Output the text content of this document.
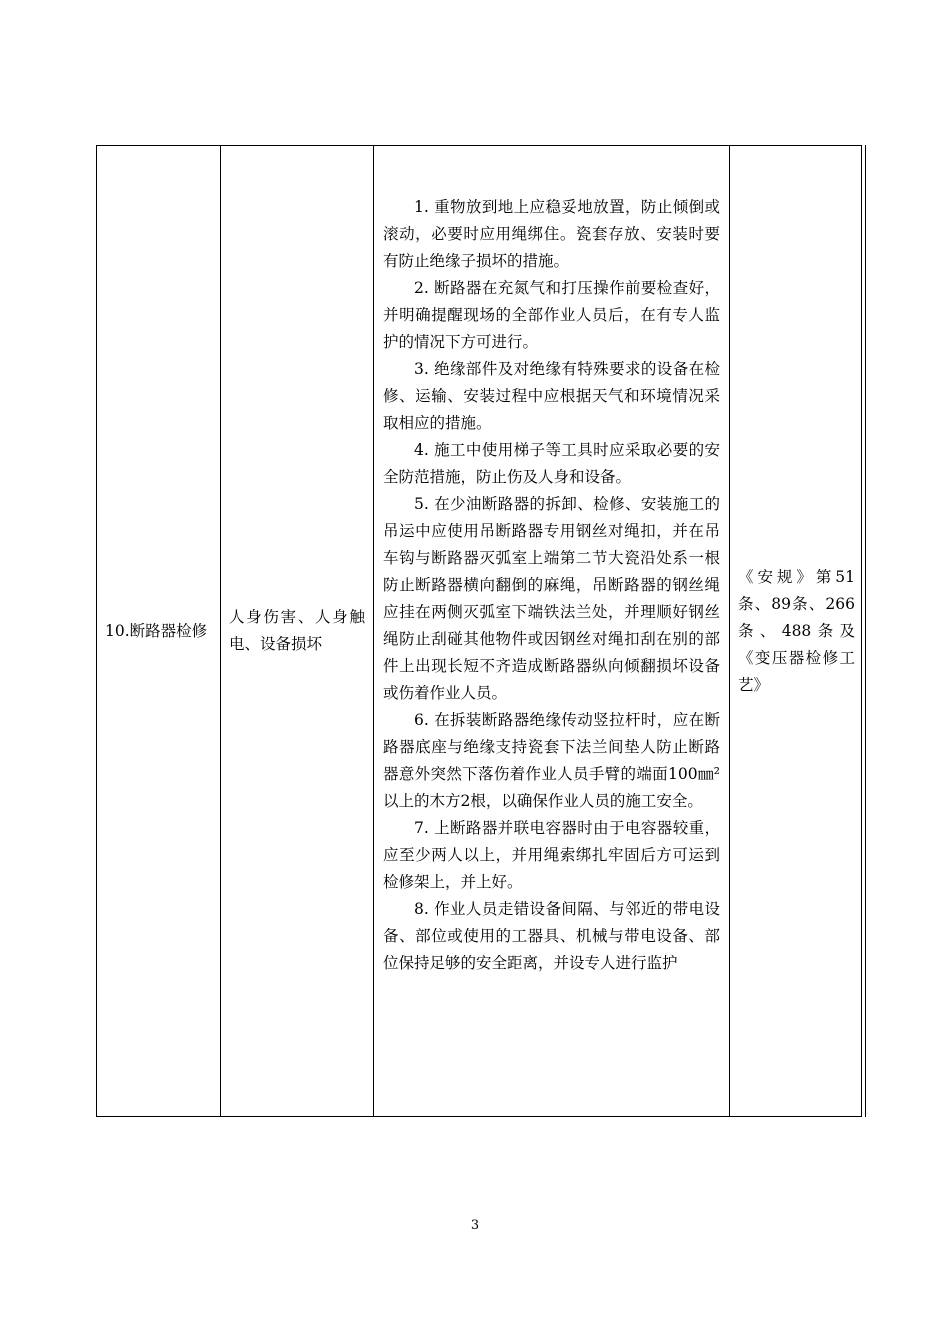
10.断路器检修
人身伤害、人身触电、设备损坏
1. 重物放到地上应稳妥地放置，防止倾倒或滚动，必要时应用绳绑住。瓷套存放、安装时要有防止绝缘子损坏的措施。
2. 断路器在充氮气和打压操作前要检查好，并明确提醒现场的全部作业人员后，在有专人监护的情况下方可进行。
3. 绝缘部件及对绝缘有特殊要求的设备在检修、运输、安装过程中应根据天气和环境情况采取相应的措施。
4. 施工中使用梯子等工具时应采取必要的安全防范措施，防止伤及人身和设备。
5. 在少油断路器的拆卸、检修、安装施工的吊运中应使用吊断路器专用钢丝对绳扣，并在吊车钩与断路器灭弧室上端第二节大瓷沿处系一根防止断路器横向翻倒的麻绳，吊断路器的钢丝绳应挂在两侧灭弧室下端铁法兰处，并理顺好钢丝绳防止刮碰其他物件或因钢丝对绳扣刮在别的部件上出现长短不齐造成断路器纵向倾翻损坏设备或伤着作业人员。
6. 在拆装断路器绝缘传动竖拉杆时，应在断路器底座与绝缘支持瓷套下法兰间垫人防止断路器意外突然下落伤着作业人员手臂的端面100㎜²以上的木方2根，以确保作业人员的施工安全。
7. 上断路器并联电容器时由于电容器较重，应至少两人以上，并用绳索绑扎牢固后方可运到检修架上，并上好。
8. 作业人员走错设备间隔、与邻近的带电设备、部位或使用的工器具、机械与带电设备、部位保持足够的安全距离，并设专人进行监护
《安规》第51条、89条、266条、488条及《变压器检修工艺》
3
